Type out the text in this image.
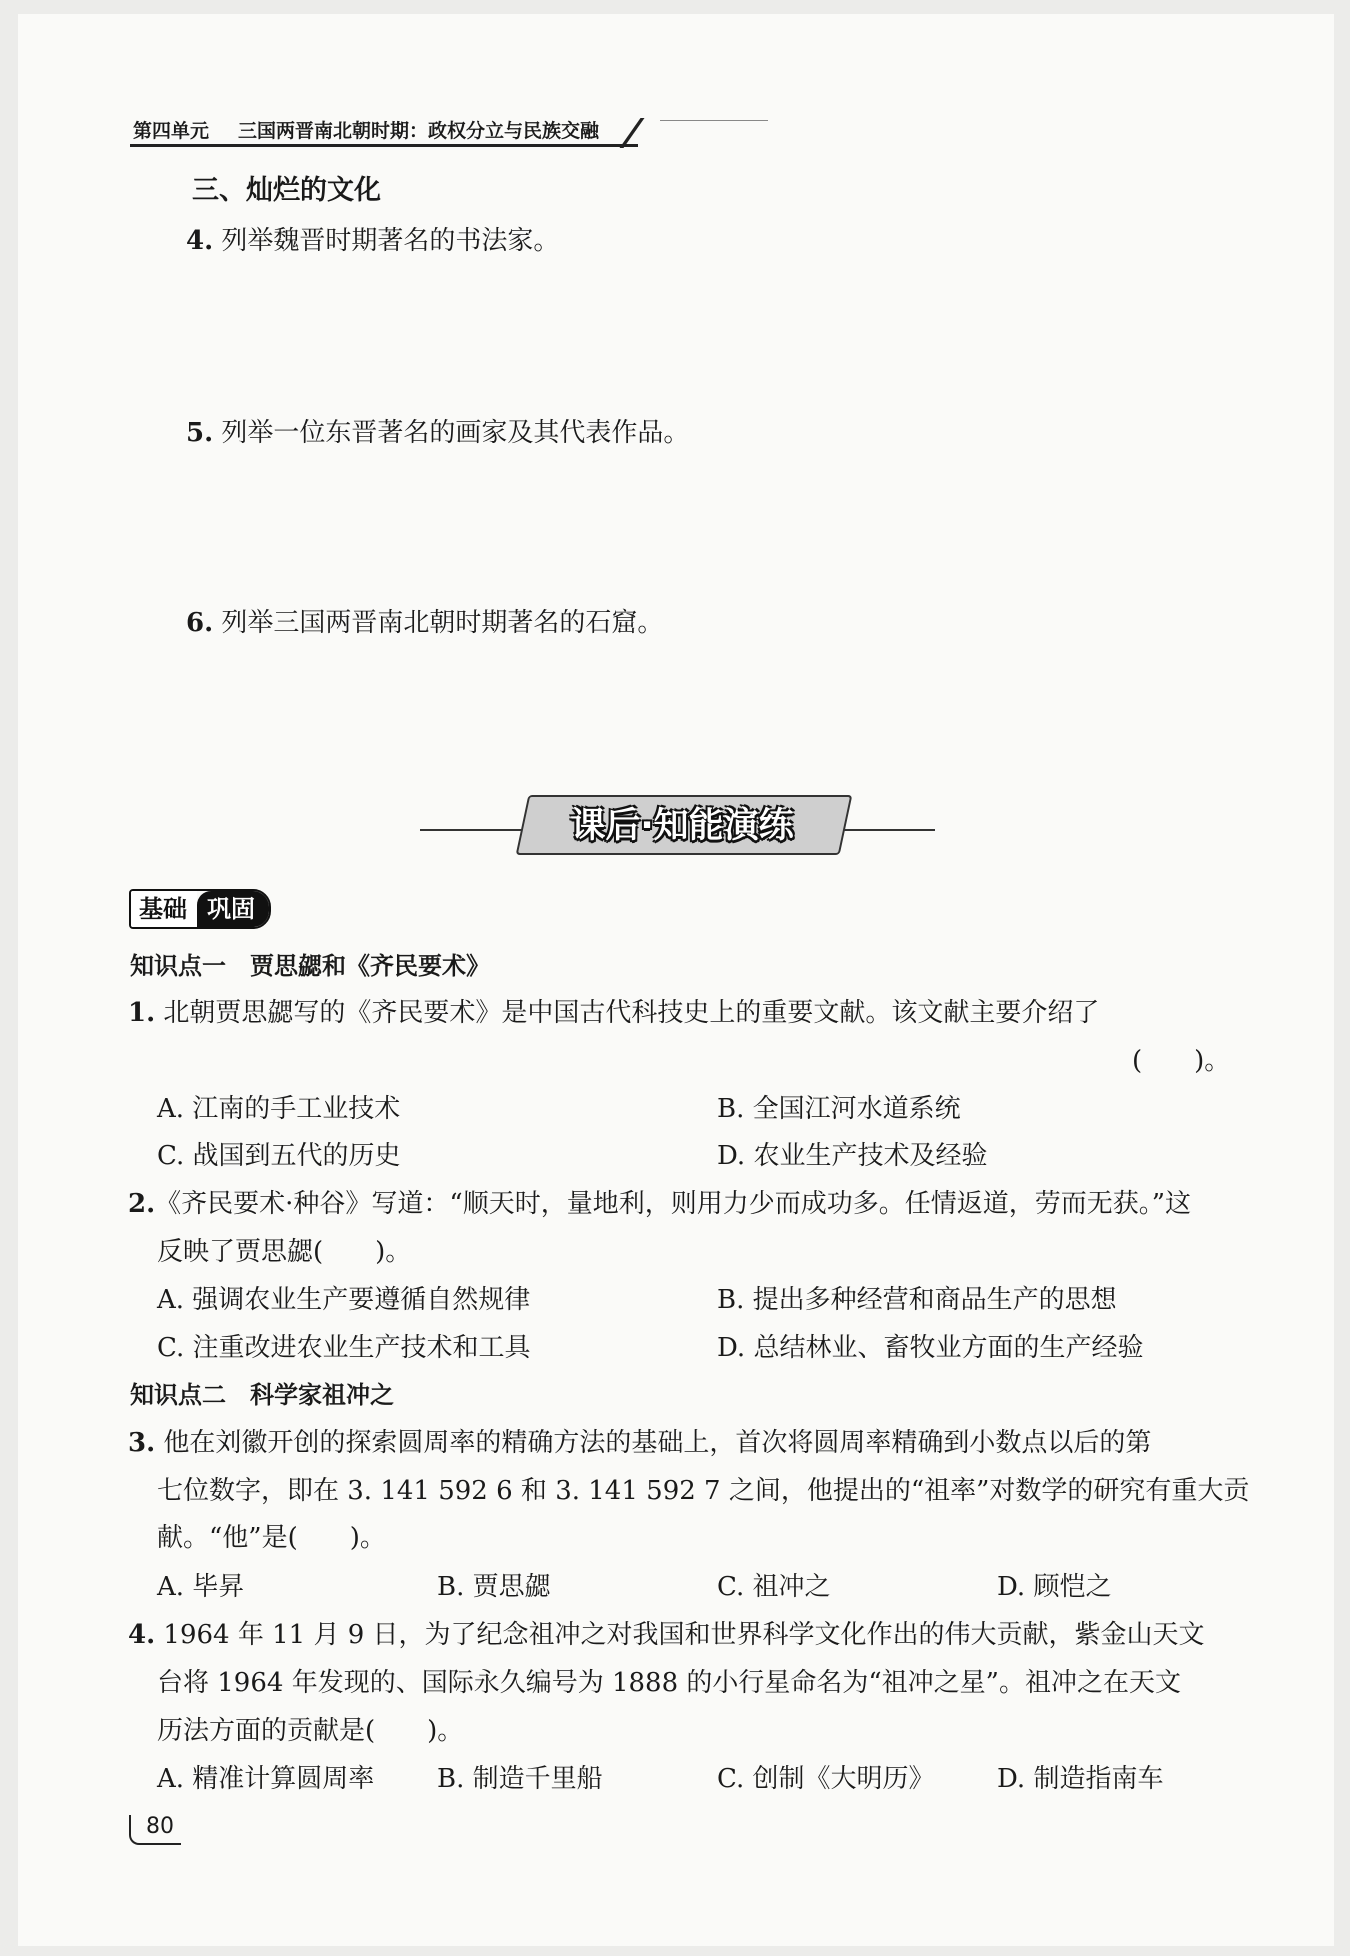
第四单元 三国两晋南北朝时期：政权分立与民族交融
三、灿烂的文化
4. 列举魏晋时期著名的书法家。
5. 列举一位东晋著名的画家及其代表作品。
6. 列举三国两晋南北朝时期著名的石窟。
课后·知能演练
基础 巩固
知识点一　贾思勰和《齐民要术》
1. 北朝贾思勰写的《齐民要术》是中国古代科技史上的重要文献。该文献主要介绍了
(　　)。
A. 江南的手工业技术	B. 全国江河水道系统
C. 战国到五代的历史	D. 农业生产技术及经验
2.《齐民要术·种谷》写道：“顺天时，量地利，则用力少而成功多。任情返道，劳而无获。”这
反映了贾思勰(　　)。
A. 强调农业生产要遵循自然规律	B. 提出多种经营和商品生产的思想
C. 注重改进农业生产技术和工具	D. 总结林业、畜牧业方面的生产经验
知识点二　科学家祖冲之
3. 他在刘徽开创的探索圆周率的精确方法的基础上，首次将圆周率精确到小数点以后的第
七位数字，即在 3. 141 592 6 和 3. 141 592 7 之间，他提出的“祖率”对数学的研究有重大贡
献。“他”是(　　)。
A. 毕昇	B. 贾思勰	C. 祖冲之	D. 顾恺之
4. 1964 年 11 月 9 日，为了纪念祖冲之对我国和世界科学文化作出的伟大贡献，紫金山天文
台将 1964 年发现的、国际永久编号为 1888 的小行星命名为“祖冲之星”。祖冲之在天文
历法方面的贡献是(　　)。
A. 精准计算圆周率 B. 制造千里船	C. 创制《大明历》 D. 制造指南车
80
